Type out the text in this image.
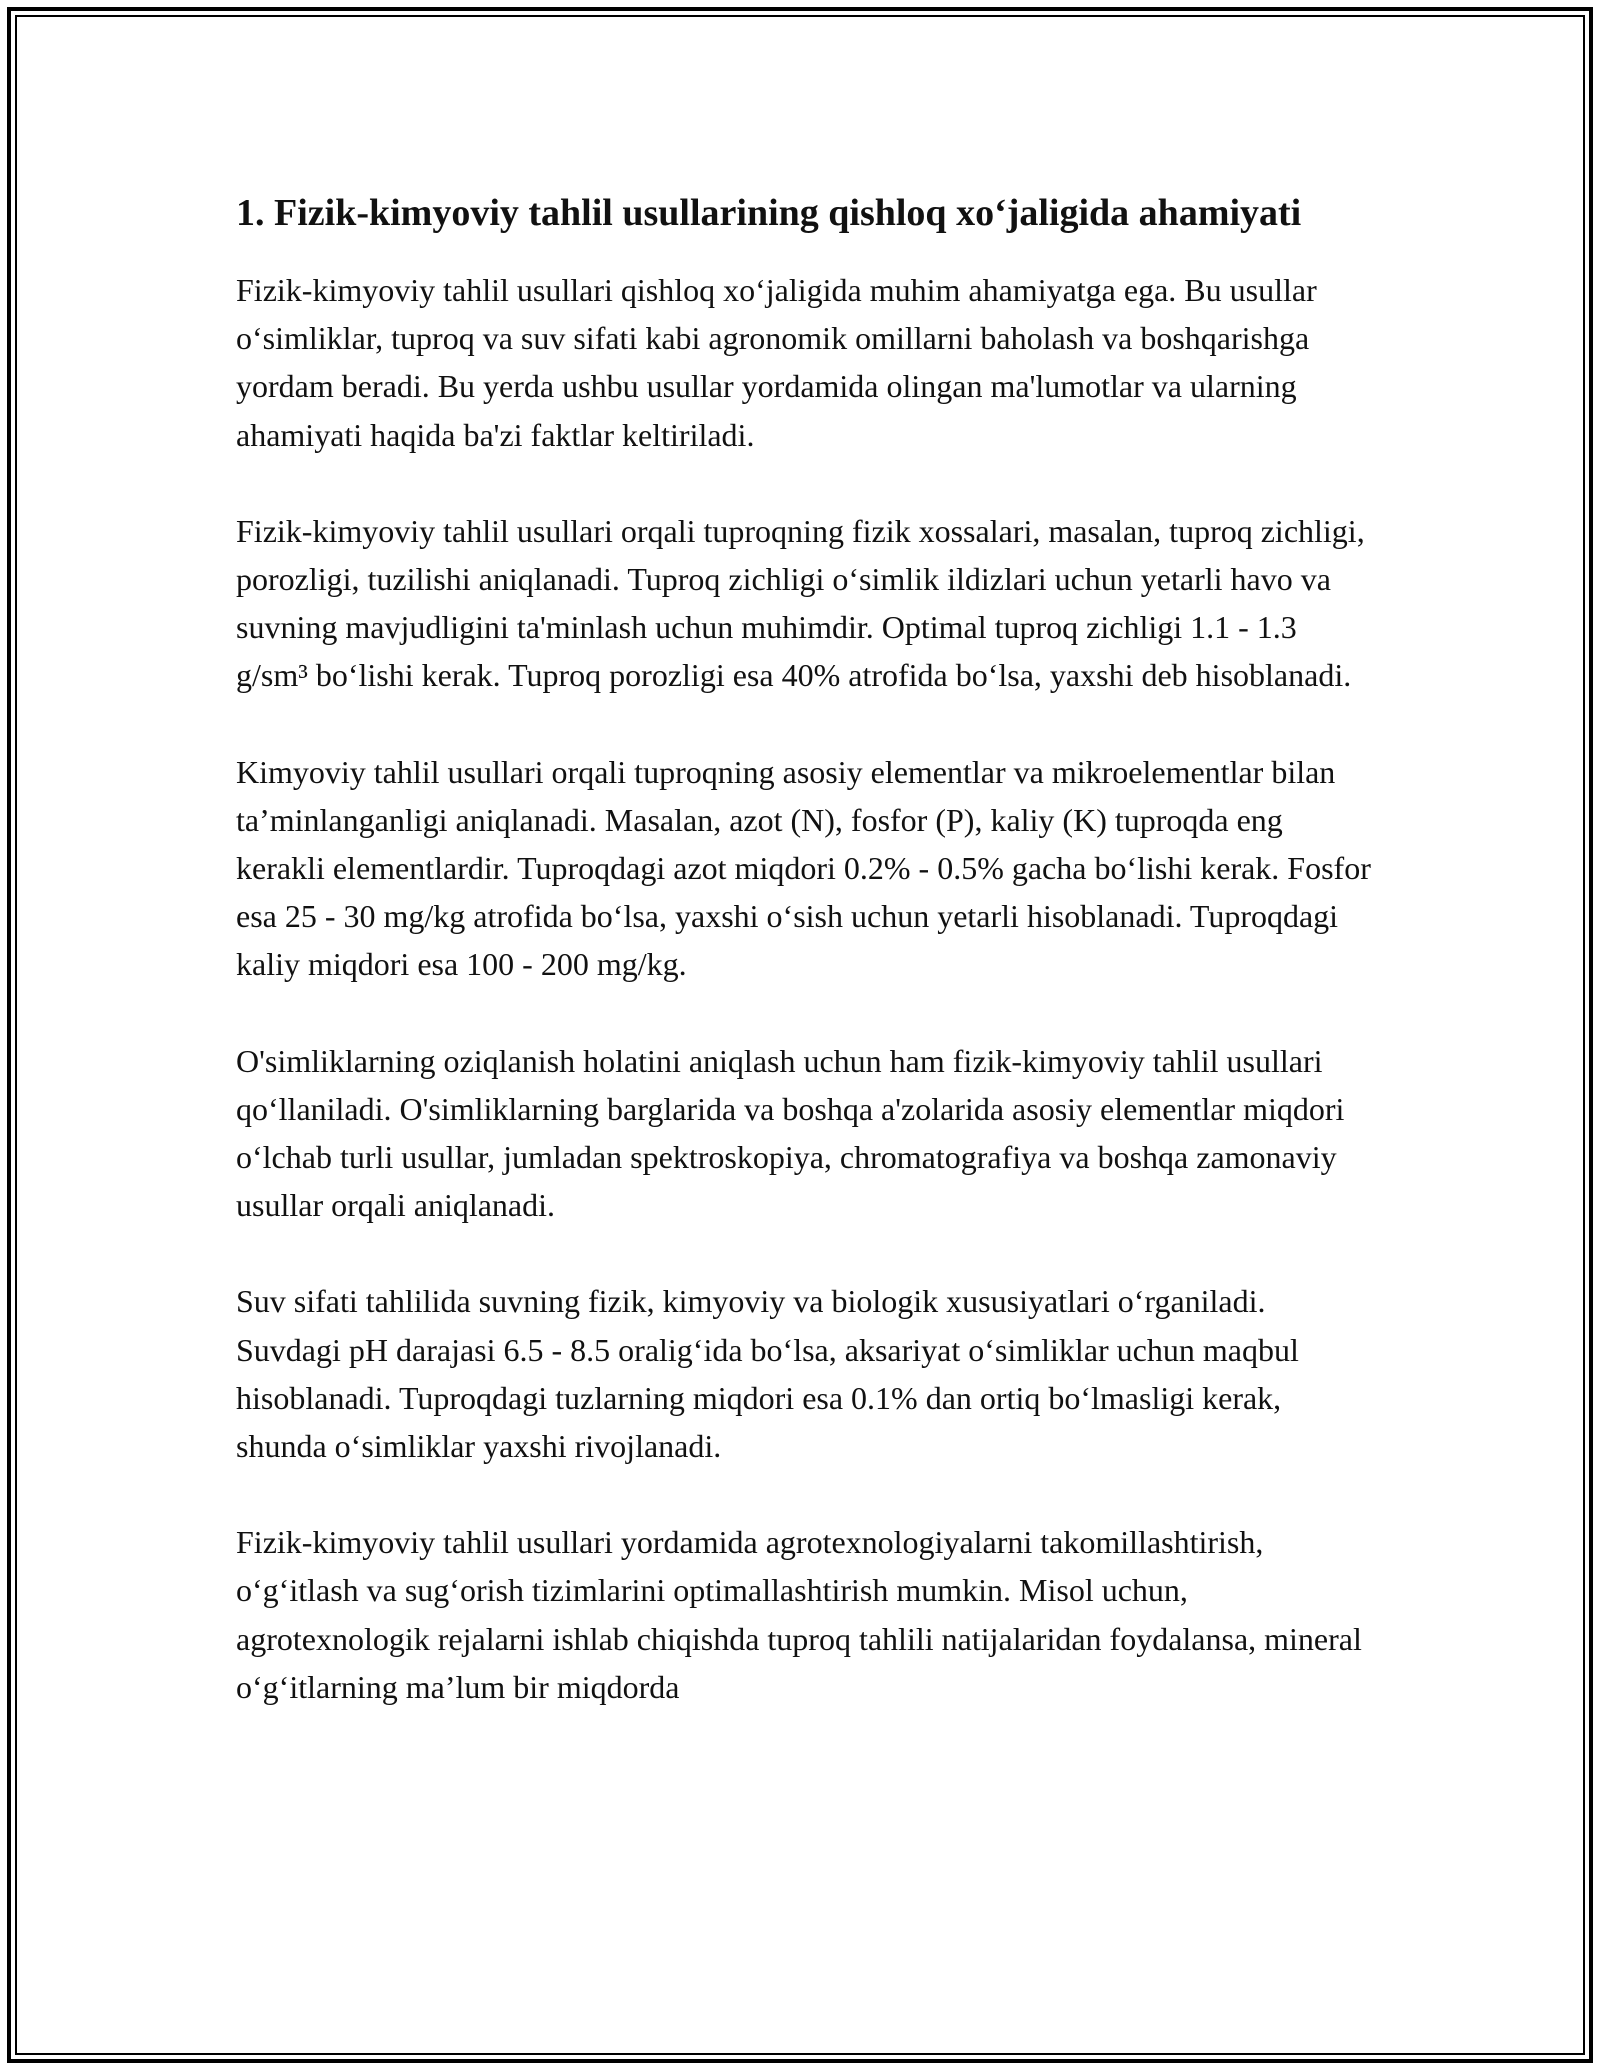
1. Fizik-kimyoviy tahlil usullarining qishloq xo‘jaligida ahamiyati

Fizik-kimyoviy tahlil usullari qishloq xo‘jaligida muhim ahamiyatga ega. Bu usullar o‘simliklar, tuproq va suv sifati kabi agronomik omillarni baholash va boshqarishga yordam beradi. Bu yerda ushbu usullar yordamida olingan ma'lumotlar va ularning ahamiyati haqida ba'zi faktlar keltiriladi.

Fizik-kimyoviy tahlil usullari orqali tuproqning fizik xossalari, masalan, tuproq zichligi, porozligi, tuzilishi aniqlanadi. Tuproq zichligi o‘simlik ildizlari uchun yetarli havo va suvning mavjudligini ta'minlash uchun muhimdir. Optimal tuproq zichligi 1.1 - 1.3 g/sm³ bo‘lishi kerak. Tuproq porozligi esa 40% atrofida bo‘lsa, yaxshi deb hisoblanadi.

Kimyoviy tahlil usullari orqali tuproqning asosiy elementlar va mikroelementlar bilan ta’minlanganligi aniqlanadi. Masalan, azot (N), fosfor (P), kaliy (K) tuproqda eng kerakli elementlardir. Tuproqdagi azot miqdori 0.2% - 0.5% gacha bo‘lishi kerak. Fosfor esa 25 - 30 mg/kg atrofida bo‘lsa, yaxshi o‘sish uchun yetarli hisoblanadi. Tuproqdagi kaliy miqdori esa 100 - 200 mg/kg.

O'simliklarning oziqlanish holatini aniqlash uchun ham fizik-kimyoviy tahlil usullari qo‘llaniladi. O'simliklarning barglarida va boshqa a'zolarida asosiy elementlar miqdori o‘lchab turli usullar, jumladan spektroskopiya, chromatografiya va boshqa zamonaviy usullar orqali aniqlanadi.

Suv sifati tahlilida suvning fizik, kimyoviy va biologik xususiyatlari o‘rganiladi. Suvdagi pH darajasi 6.5 - 8.5 oralig‘ida bo‘lsa, aksariyat o‘simliklar uchun maqbul hisoblanadi. Tuproqdagi tuzlarning miqdori esa 0.1% dan ortiq bo‘lmasligi kerak, shunda o‘simliklar yaxshi rivojlanadi.

Fizik-kimyoviy tahlil usullari yordamida agrotexnologiyalarni takomillashtirish, o‘g‘itlash va sug‘orish tizimlarini optimallashtirish mumkin. Misol uchun, agrotexnologik rejalarni ishlab chiqishda tuproq tahlili natijalaridan foydalansa, mineral o‘g‘itlarning ma’lum bir miqdorda
